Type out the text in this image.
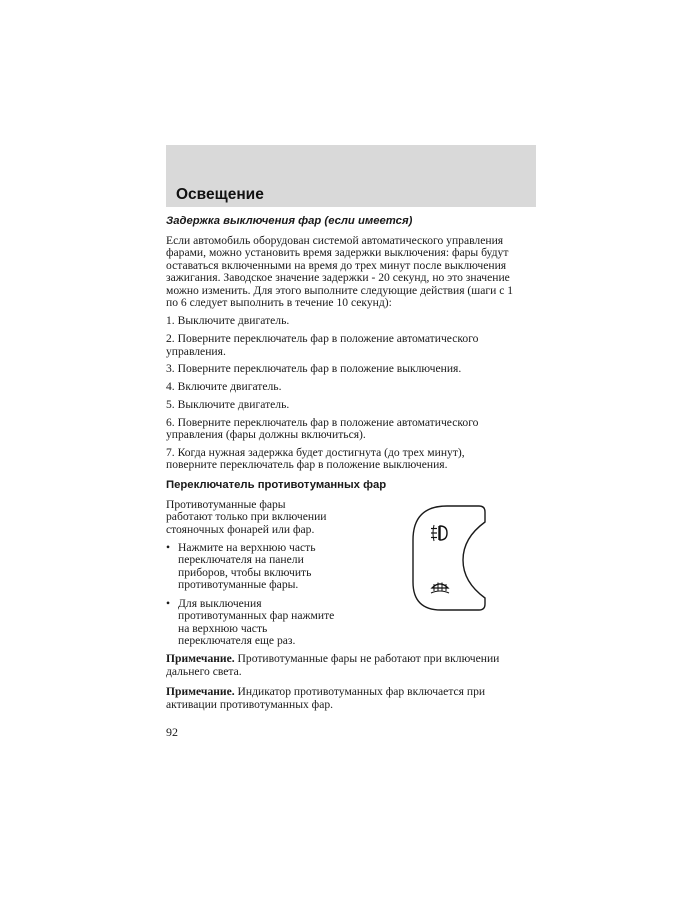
Освещение
Задержка выключения фар (если имеется)

Если автомобиль оборудован системой автоматического управления
фарами, можно установить время задержки выключения: фары будут
оставаться включенными на время до трех минут после выключения
зажигания. Заводское значение задержки - 20 секунд, но это значение
можно изменить. Для этого выполните следующие действия (шаги с 1
по 6 следует выполнить в течение 10 секунд):

1. Выключите двигатель.

2. Поверните переключатель фар в положение автоматического
управления.

3. Поверните переключатель фар в положение выключения.

4. Включите двигатель.

5. Выключите двигатель.

6. Поверните переключатель фар в положение автоматического
управления (фары должны включиться).

7. Когда нужная задержка будет достигнута (до трех минут),
поверните переключатель фар в положение выключения.

Переключатель противотуманных фар

Противотуманные фары
работают только при включении
стояночных фонарей или фар.

• Нажмите на верхнюю часть
переключателя на панели
приборов, чтобы включить
противотуманные фары.
• Для выключения
противотуманных фар нажмите
на верхнюю часть
переключателя еще раз.

Примечание. Противотуманные фары не работают при включении
дальнего света.

Примечание. Индикатор противотуманных фар включается при
активации противотуманных фар.

92
